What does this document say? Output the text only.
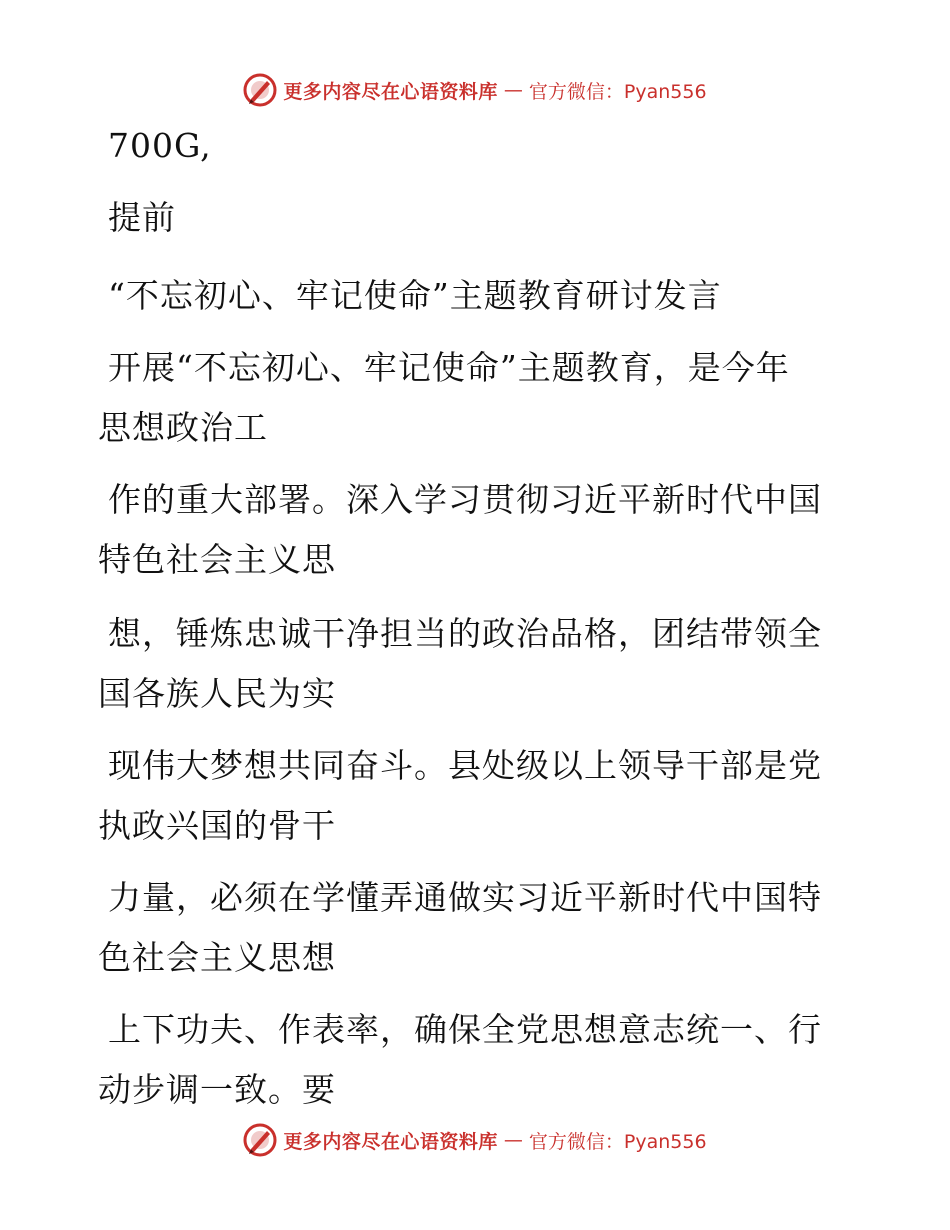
更多内容尽在心语资料库 — 官方微信：Pyan556
700G,
提前
“不忘初心、牢记使命”主题教育研讨发言
开展“不忘初心、牢记使命”主题教育，是今年
思想政治工
作的重大部署。深入学习贯彻习近平新时代中国
特色社会主义思
想，锤炼忠诚干净担当的政治品格，团结带领全
国各族人民为实
现伟大梦想共同奋斗。县处级以上领导干部是党
执政兴国的骨干
力量，必须在学懂弄通做实习近平新时代中国特
色社会主义思想
上下功夫、作表率，确保全党思想意志统一、行
动步调一致。要
更多内容尽在心语资料库 — 官方微信：Pyan556
